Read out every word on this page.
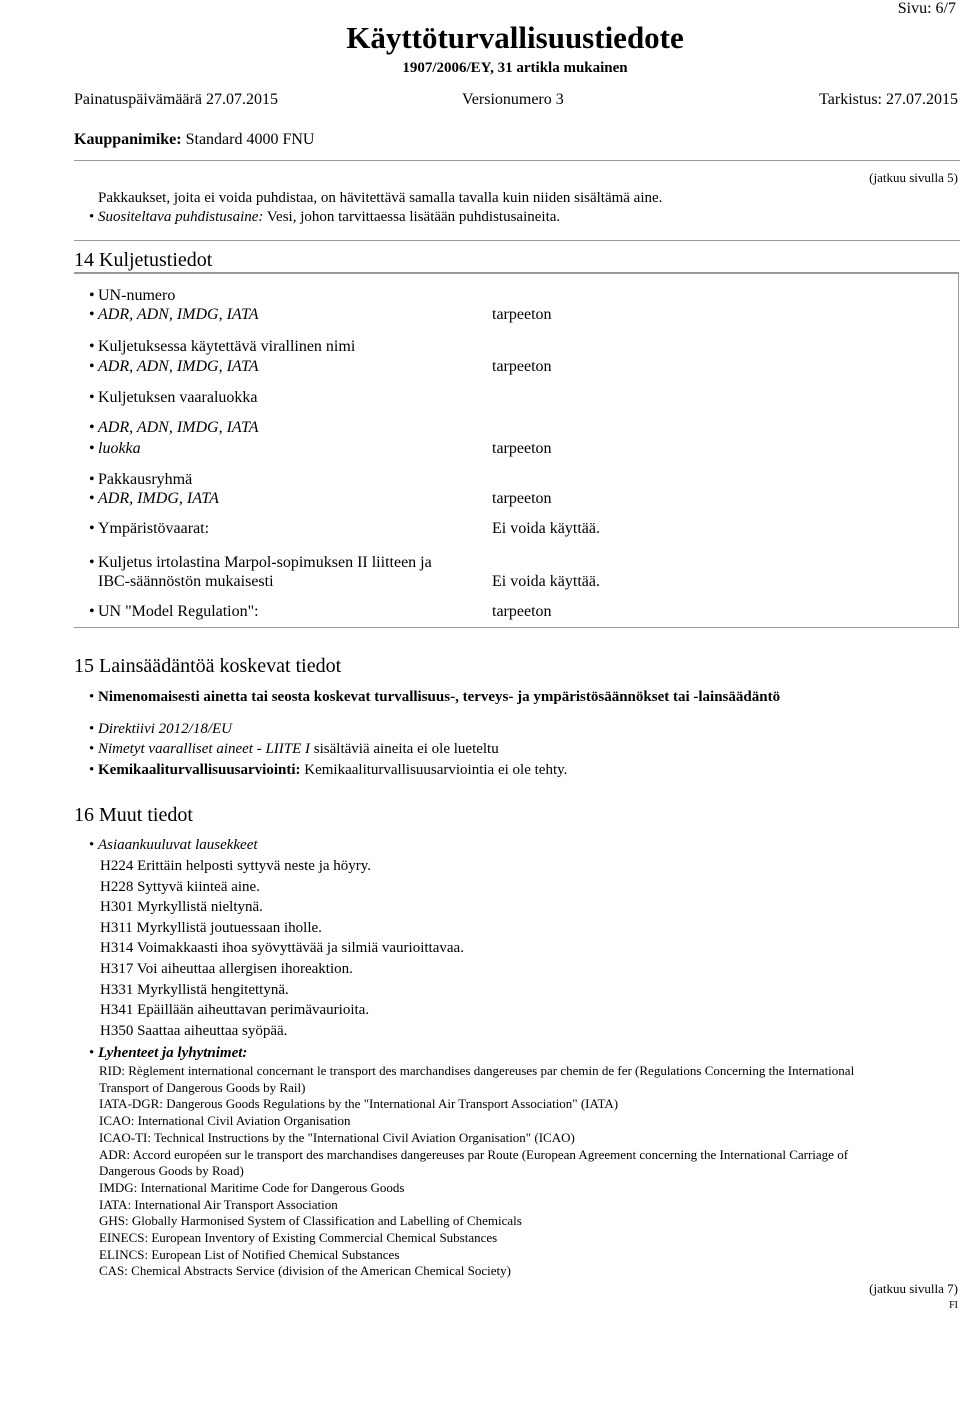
Sivu: 6/7
Käyttöturvallisuustiedote
1907/2006/EY, 31 artikla mukainen
Painatuspäivämäärä 27.07.2015	Versionumero 3	Tarkistus: 27.07.2015
Kauppanimike: Standard 4000 FNU
(jatkuu sivulla 5)
Pakkaukset, joita ei voida puhdistaa, on hävitettävä samalla tavalla kuin niiden sisältämä aine.
• Suositeltava puhdistusaine: Vesi, johon tarvittaessa lisätään puhdistusaineita.
14 Kuljetustiedot
• UN-numero
• ADR, ADN, IMDG, IATA	tarpeeton
• Kuljetuksessa käytettävä virallinen nimi
• ADR, ADN, IMDG, IATA	tarpeeton
• Kuljetuksen vaaraluokka
• ADR, ADN, IMDG, IATA
• luokka	tarpeeton
• Pakkausryhmä
• ADR, IMDG, IATA	tarpeeton
• Ympäristövaarat:	Ei voida käyttää.
• Kuljetus irtolastina Marpol-sopimuksen II liitteen ja
IBC-säännöstön mukaisesti	Ei voida käyttää.
• UN "Model Regulation":	tarpeeton
15 Lainsäädäntöä koskevat tiedot
• Nimenomaisesti ainetta tai seosta koskevat turvallisuus-, terveys- ja ympäristösäännökset tai -lainsäädäntö
• Direktiivi 2012/18/EU
• Nimetyt vaaralliset aineet - LIITE I sisältäviä aineita ei ole lueteltu
• Kemikaaliturvallisuusarviointi: Kemikaaliturvallisuusarviointia ei ole tehty.
16 Muut tiedot
• Asiaankuuluvat lausekkeet
H224 Erittäin helposti syttyvä neste ja höyry.
H228 Syttyvä kiinteä aine.
H301 Myrkyllistä nieltynä.
H311 Myrkyllistä joutuessaan iholle.
H314 Voimakkaasti ihoa syövyttävää ja silmiä vaurioittavaa.
H317 Voi aiheuttaa allergisen ihoreaktion.
H331 Myrkyllistä hengitettynä.
H341 Epäillään aiheuttavan perimävaurioita.
H350 Saattaa aiheuttaa syöpää.
• Lyhenteet ja lyhytnimet:
RID: Règlement international concernant le transport des marchandises dangereuses par chemin de fer (Regulations Concerning the International
Transport of Dangerous Goods by Rail)
IATA-DGR: Dangerous Goods Regulations by the "International Air Transport Association" (IATA)
ICAO: International Civil Aviation Organisation
ICAO-TI: Technical Instructions by the "International Civil Aviation Organisation" (ICAO)
ADR: Accord européen sur le transport des marchandises dangereuses par Route (European Agreement concerning the International Carriage of
Dangerous Goods by Road)
IMDG: International Maritime Code for Dangerous Goods
IATA: International Air Transport Association
GHS: Globally Harmonised System of Classification and Labelling of Chemicals
EINECS: European Inventory of Existing Commercial Chemical Substances
ELINCS: European List of Notified Chemical Substances
CAS: Chemical Abstracts Service (division of the American Chemical Society)
(jatkuu sivulla 7)
FI
